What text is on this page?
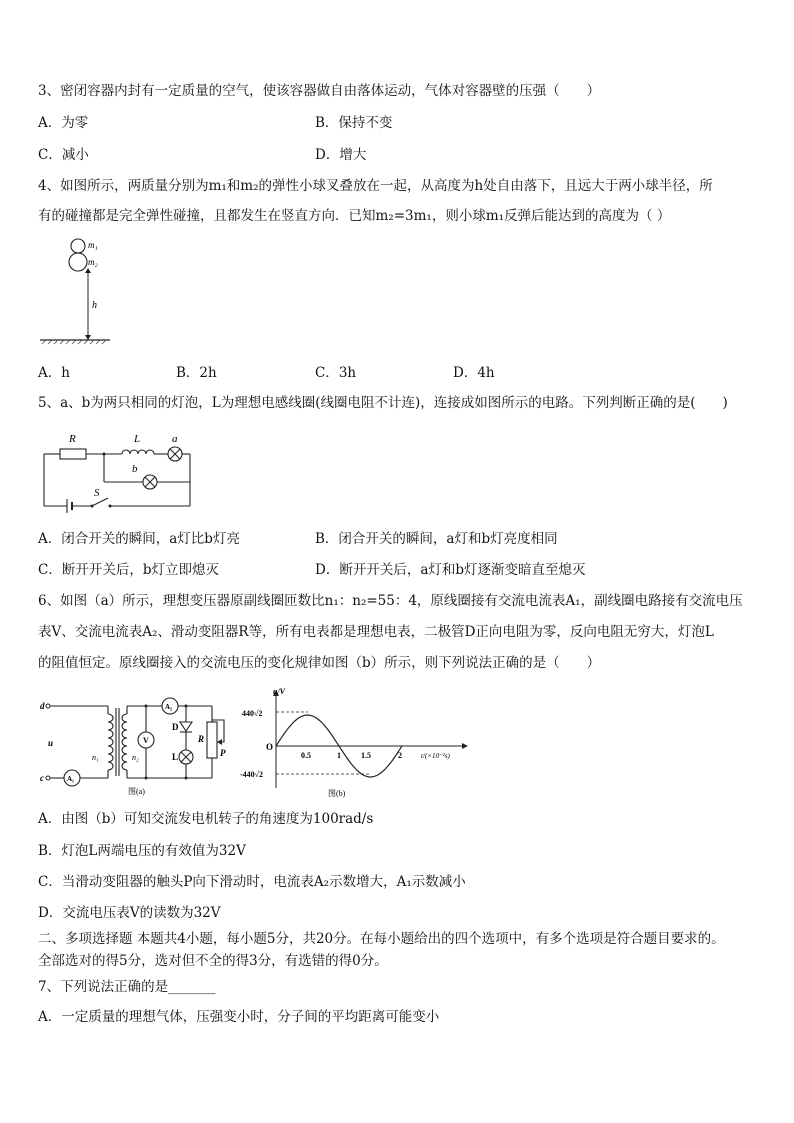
3、密闭容器内封有一定质量的空气，使该容器做自由落体运动，气体对容器壁的压强（　　）
A．为零	B．保持不变
C．减小	D．增大
4、如图所示，两质量分别为m₁和m₂的弹性小球叉叠放在一起，从高度为h处自由落下，且远大于两小球半径，所
有的碰撞都是完全弹性碰撞，且都发生在竖直方向．已知m₂=3m₁，则小球m₁反弹后能达到的高度为（ ）
m₁
m₂
h
A．h	B．2h	C．3h	D．4h
5、a、b为两只相同的灯泡，L为理想电感线圈(线圈电阻不计连)，连接成如图所示的电路。下列判断正确的是(　　)
R	L	a
b
S
A．闭合开关的瞬间，a灯比b灯亮	B．闭合开关的瞬间，a灯和b灯亮度相同
C．断开开关后，b灯立即熄灭	D．断开开关后，a灯和b灯逐渐变暗直至熄灭
6、如图（a）所示，理想变压器原副线圈匝数比n₁：n₂=55：4，原线圈接有交流电流表A₁，副线圈电路接有交流电压
表V、交流电流表A₂、滑动变阻器R等，所有电表都是理想电表，二极管D正向电阻为零，反向电阻无穷大，灯泡L
的阻值恒定。原线圈接入的交流电压的变化规律如图（b）所示，则下列说法正确的是（　　）
d
c
u
n₁	n₂
A₁
A₂
V
D
L
R
P
图(a)
u/V
440√2
-440√2
O
0.5	1	1.5	2	t/(×10⁻²s)
图(b)
A．由图（b）可知交流发电机转子的角速度为100rad/s
B．灯泡L两端电压的有效值为32V
C．当滑动变阻器的触头P向下滑动时，电流表A₂示数增大，A₁示数减小
D．交流电压表V的读数为32V
二、多项选择题 本题共4小题，每小题5分，共20分。在每小题给出的四个选项中，有多个选项是符合题目要求的。
全部选对的得5分，选对但不全的得3分，有选错的得0分。
7、下列说法正确的是_______
A．一定质量的理想气体，压强变小时，分子间的平均距离可能变小
